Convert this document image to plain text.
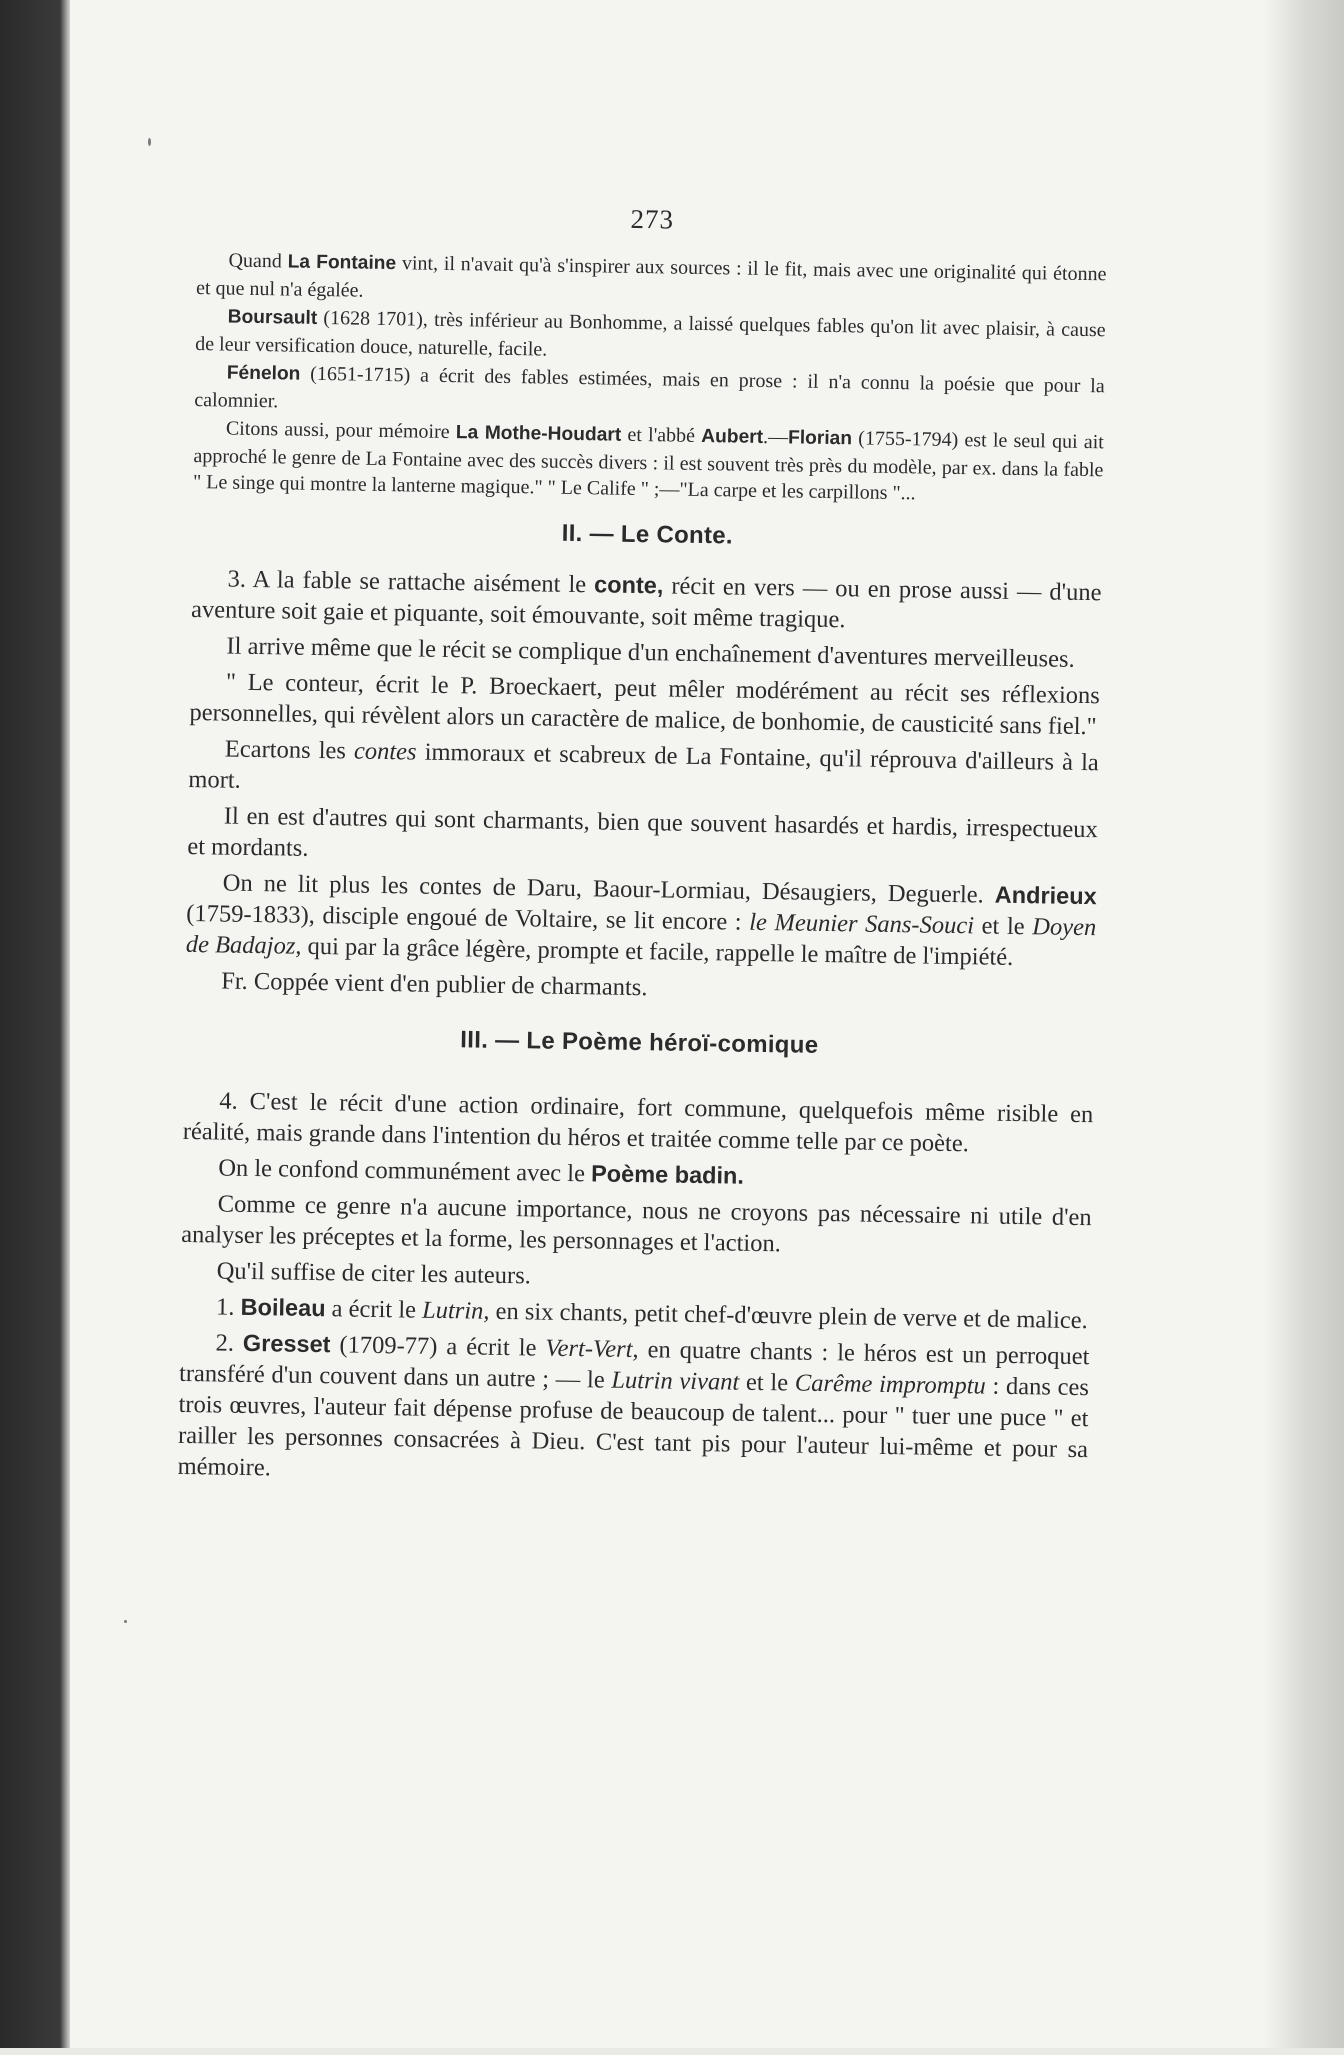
273

Quand La Fontaine vint, il n'avait qu'à s'inspirer aux sources : il le fit, mais avec une originalité qui étonne et que nul n'a égalée.

Boursault (1628 1701), très inférieur au Bonhomme, a laissé quelques fables qu'on lit avec plaisir, à cause de leur versification douce, naturelle, facile.

Fénelon (1651-1715) a écrit des fables estimées, mais en prose : il n'a connu la poésie que pour la calomnier.

Citons aussi, pour mémoire La Mothe-Houdart et l'abbé Aubert.—Florian (1755-1794) est le seul qui ait approché le genre de La Fontaine avec des succès divers : il est souvent très près du modèle, par ex. dans la fable " Le singe qui montre la lanterne magique." " Le Calife " ;—"La carpe et les carpillons "...

II. — Le Conte.

3. A la fable se rattache aisément le conte, récit en vers — ou en prose aussi — d'une aventure soit gaie et piquante, soit émouvante, soit même tragique.

Il arrive même que le récit se complique d'un enchaînement d'aventures merveilleuses.

" Le conteur, écrit le P. Broeckaert, peut mêler modérément au récit ses réflexions personnelles, qui révèlent alors un caractère de malice, de bonhomie, de causticité sans fiel."

Ecartons les contes immoraux et scabreux de La Fontaine, qu'il réprouva d'ailleurs à la mort.

Il en est d'autres qui sont charmants, bien que souvent hasardés et hardis, irrespectueux et mordants.

On ne lit plus les contes de Daru, Baour-Lormiau, Désaugiers, Deguerle. Andrieux (1759-1833), disciple engoué de Voltaire, se lit encore : le Meunier Sans-Souci et le Doyen de Badajoz, qui par la grâce légère, prompte et facile, rappelle le maître de l'impiété.

Fr. Coppée vient d'en publier de charmants.

III. — Le Poème héroï-comique

4. C'est le récit d'une action ordinaire, fort commune, quelquefois même risible en réalité, mais grande dans l'intention du héros et traitée comme telle par ce poète.

On le confond communément avec le Poème badin.

Comme ce genre n'a aucune importance, nous ne croyons pas nécessaire ni utile d'en analyser les préceptes et la forme, les personnages et l'action.

Qu'il suffise de citer les auteurs.

1. Boileau a écrit le Lutrin, en six chants, petit chef-d'œuvre plein de verve et de malice.

2. Gresset (1709-77) a écrit le Vert-Vert, en quatre chants : le héros est un perroquet transféré d'un couvent dans un autre ; — le Lutrin vivant et le Carême impromptu : dans ces trois œuvres, l'auteur fait dépense profuse de beaucoup de talent... pour " tuer une puce " et railler les personnes consacrées à Dieu. C'est tant pis pour l'auteur lui-même et pour sa mémoire.
